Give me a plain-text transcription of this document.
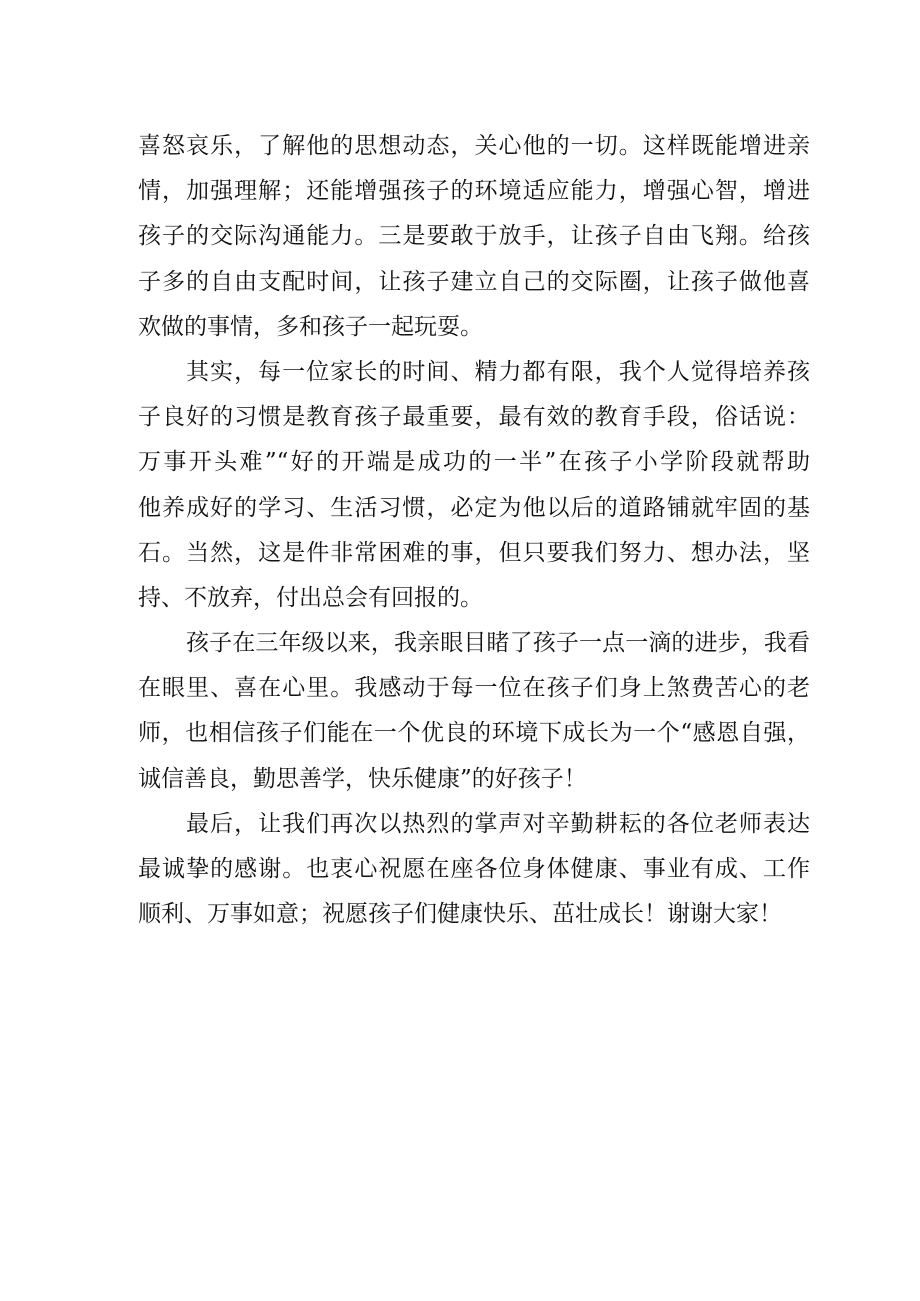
喜怒哀乐，了解他的思想动态，关心他的一切。这样既能增进亲
情，加强理解；还能增强孩子的环境适应能力，增强心智，增进
孩子的交际沟通能力。三是要敢于放手，让孩子自由飞翔。给孩
子多的自由支配时间，让孩子建立自己的交际圈，让孩子做他喜
欢做的事情，多和孩子一起玩耍。

其实，每一位家长的时间、精力都有限，我个人觉得培养孩
子良好的习惯是教育孩子最重要，最有效的教育手段，俗话说：
万事开头难”“好的开端是成功的一半”在孩子小学阶段就帮助
他养成好的学习、生活习惯，必定为他以后的道路铺就牢固的基
石。当然，这是件非常困难的事，但只要我们努力、想办法，坚
持、不放弃，付出总会有回报的。

孩子在三年级以来，我亲眼目睹了孩子一点一滴的进步，我看
在眼里、喜在心里。我感动于每一位在孩子们身上煞费苦心的老
师，也相信孩子们能在一个优良的环境下成长为一个“感恩自强，
诚信善良，勤思善学，快乐健康”的好孩子！

最后，让我们再次以热烈的掌声对辛勤耕耘的各位老师表达
最诚挚的感谢。也衷心祝愿在座各位身体健康、事业有成、工作
顺利、万事如意；祝愿孩子们健康快乐、茁壮成长！谢谢大家！
